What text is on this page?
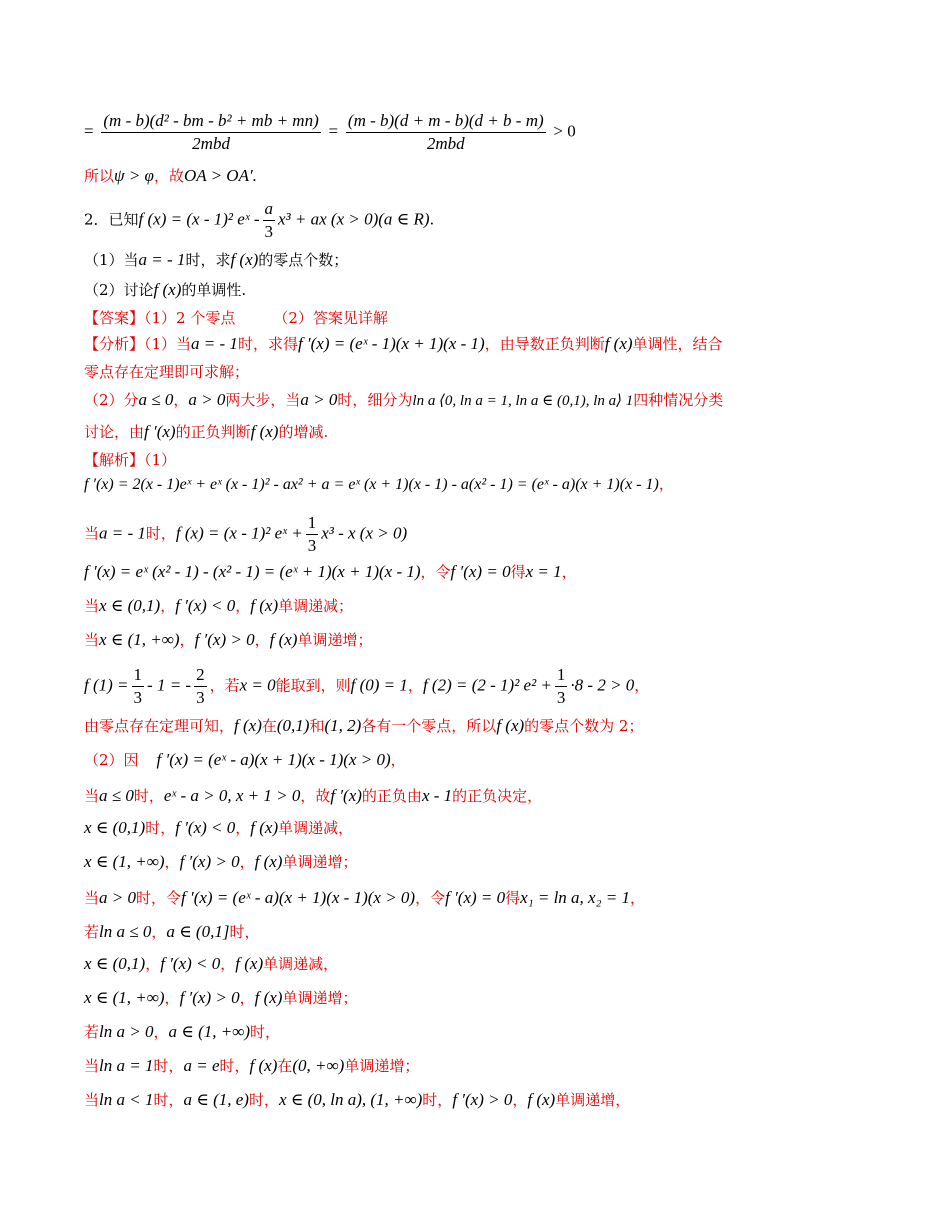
= $\frac{\text{(m - b)(d² - bm - b² + mb + mn)}}{\text{2mbd}} = \frac{(m - b)(d + m - b)(d + b - m)}{\text{2mbd}} > 0$
所以ψ > φ，故OA > OA′.
2．已知f (x) = (x - 1)² eˣ - $\frac{a}{3} x^3$ + ax (x > 0)(a ∈ R).
（1）当a = - 1时，求f (x)的零点个数；
（2）讨论f (x)的单调性.
【答案】（1）2 个零点	（2）答案见详解
【分析】（1）当a = - 1时，求得f ′(x) = (eˣ - 1)(x + 1)(x - 1)，由导数正负判断f (x)单调性，结合
零点存在定理即可求解；
（2）分a ≤ 0，a > 0两大步，当a > 0时，细分为ln a ⟨0, ln a = 1, ln a ∈ (0,1), ln a⟩ 1四种情况分类
讨论，由f ′(x)的正负判断f (x)的增减.
【解析】（1）
f ′(x) = 2(x - 1)eˣ + eˣ (x - 1)² - ax² + a = eˣ (x + 1)(x - 1) - a(x² - 1) = (eˣ - a)(x + 1)(x - 1)，
当a = - 1时，f (x) = (x - 1)² eˣ + $\frac{1}{3} x^3$ - x (x > 0)
f ′(x) = eˣ (x² - 1) - (x² - 1) = (eˣ + 1)(x + 1)(x - 1)，令f ′(x) = 0得x = 1，
当x ∈ (0,1)，f ′(x) < 0，f (x)单调递减；
当x ∈ (1, +∞)，f ′(x) > 0，f (x)单调递增；
f $(1) = \frac{1}{3} - 1$ = - $\frac{2}{3}$ ，若x = 0能取到，则f (0) = 1，f (2) = (2 - 1)² $e^2 + \frac{1}{3} \cdot 8 - 2 > 0$，
由零点存在定理可知，f (x)在(0,1)和(1, 2)各有一个零点，所以f (x)的零点个数为 2；
（2）因 f ′(x) = (eˣ - a)(x + 1)(x - 1)(x > 0)，
当a ≤ 0时，eˣ - a > 0, x + 1 > 0，故f ′(x)的正负由x - 1的正负决定，
x ∈ (0,1)时，f ′(x) < 0，f (x)单调递减，
x ∈ (1, +∞)，f ′(x) > 0，f (x)单调递增；
当a > 0时，令f ′(x) = (eˣ - a)(x + 1)(x - 1)(x > 0)，令f ′(x) = 0得x₁ = ln a, x₂ = 1，
若ln a ≤ 0，a ∈ (0,1]时，
x ∈ (0,1)，f ′(x) < 0，f (x)单调递减，
x ∈ (1, +∞)，f ′(x) > 0，f (x)单调递增；
若ln a > 0，a ∈ (1, +∞)时，
当ln a = 1时，a = e时，f (x)在(0, +∞)单调递增；
当ln a < 1时，a ∈ (1, e)时，x ∈ (0, ln a), (1, +∞)时，f ′(x) > 0，f (x)单调递增，
